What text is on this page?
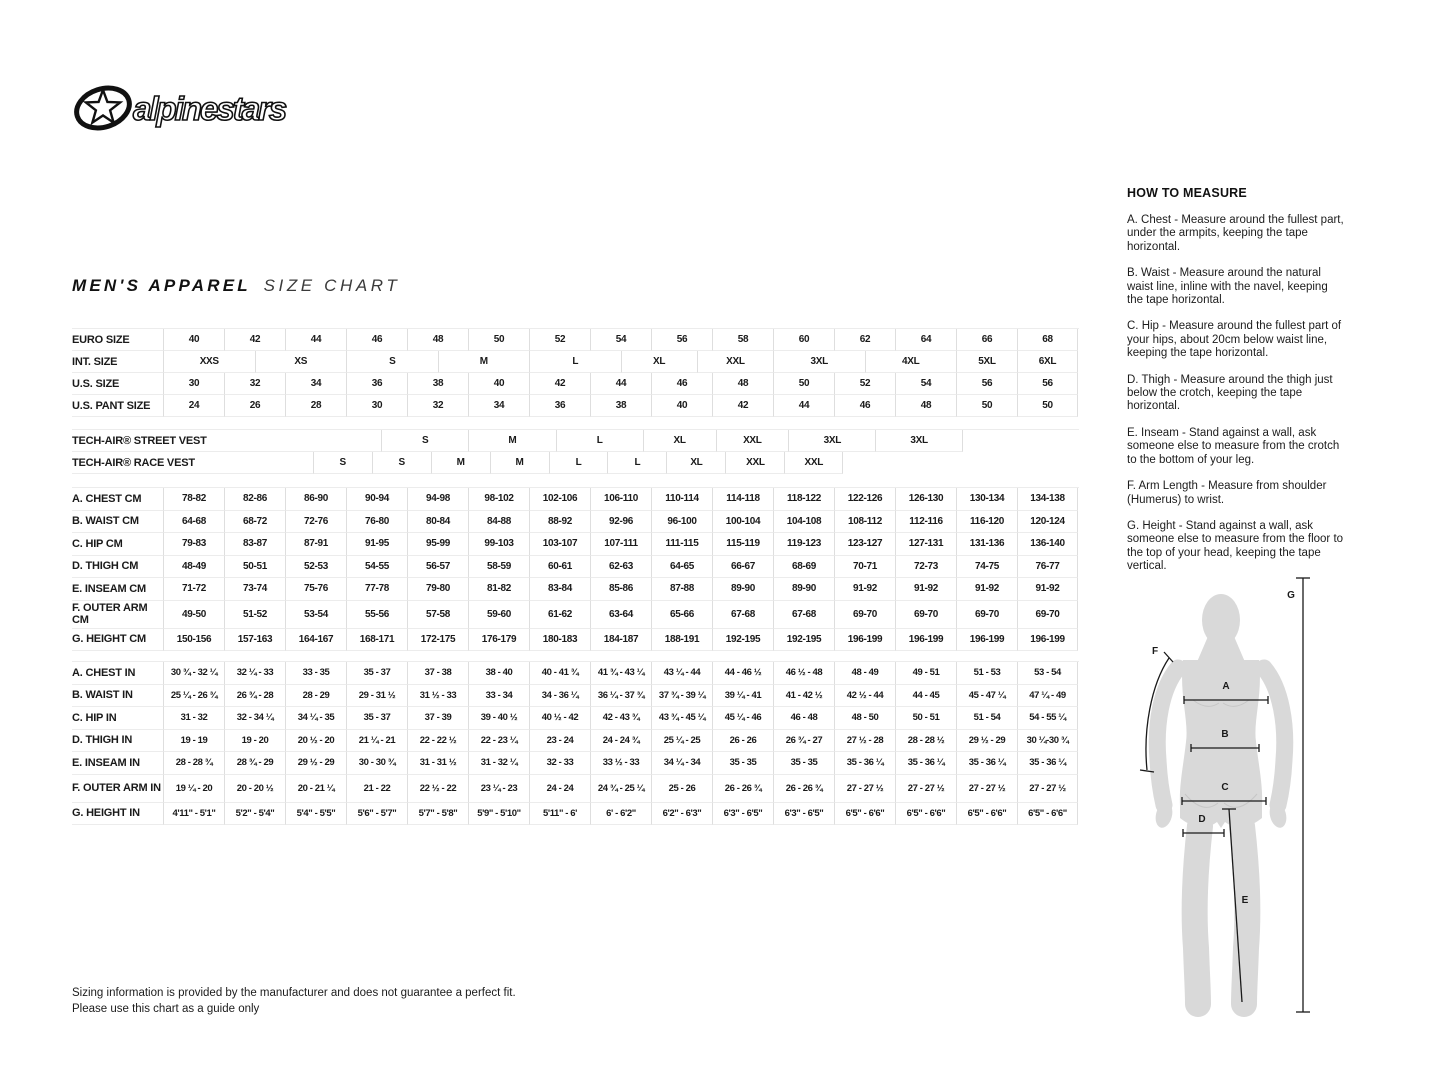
alpinestars
MEN'S APPAREL SIZE CHART
EURO SIZE	40	42	44	46	48	50	52	54	56	58	60	62	64	66	68
INT. SIZE	XXS	XS	S	M	L	XL	XXL	3XL	4XL	5XL	6XL
U.S. SIZE	30	32	34	36	38	40	42	44	46	48	50	52	54	56	56
U.S. PANT SIZE	24	26	28	30	32	34	36	38	40	42	44	46	48	50	50
TECH-AIR® STREET VEST	S	M	L	XL	XXL	3XL	3XL
TECH-AIR® RACE VEST	S	S	M	M	L	L	XL	XXL	XXL
A. CHEST CM	78-82	82-86	86-90	90-94	94-98	98-102	102-106	106-110	110-114	114-118	118-122	122-126	126-130	130-134	134-138
B. WAIST CM	64-68	68-72	72-76	76-80	80-84	84-88	88-92	92-96	96-100	100-104	104-108	108-112	112-116	116-120	120-124
C. HIP CM	79-83	83-87	87-91	91-95	95-99	99-103	103-107	107-111	111-115	115-119	119-123	123-127	127-131	131-136	136-140
D. THIGH CM	48-49	50-51	52-53	54-55	56-57	58-59	60-61	62-63	64-65	66-67	68-69	70-71	72-73	74-75	76-77
E. INSEAM CM	71-72	73-74	75-76	77-78	79-80	81-82	83-84	85-86	87-88	89-90	89-90	91-92	91-92	91-92	91-92
F. OUTER ARM CM	49-50	51-52	53-54	55-56	57-58	59-60	61-62	63-64	65-66	67-68	67-68	69-70	69-70	69-70	69-70
G. HEIGHT CM	150-156	157-163	164-167	168-171	172-175	176-179	180-183	184-187	188-191	192-195	192-195	196-199	196-199	196-199	196-199
A. CHEST IN	30 ¾ - 32 ¼	32 ¼ - 33	33 - 35	35 - 37	37 - 38	38 - 40	40 - 41 ¾	41 ¾ - 43 ¼	43 ¼ - 44	44 - 46 ½	46 ½ - 48	48 - 49	49 - 51	51 - 53	53 - 54
B. WAIST IN	25 ¼ - 26 ¾	26 ¾ - 28	28 - 29	29 - 31 ½	31 ½ - 33	33 - 34	34 - 36 ¼	36 ¼ - 37 ¾	37 ¾ - 39 ¼	39 ¼ - 41	41 - 42 ½	42 ½ - 44	44 - 45	45 - 47 ¼	47 ¼ - 49
C. HIP IN	31 - 32	32 - 34 ¼	34 ¼ - 35	35 - 37	37 - 39	39 - 40 ½	40 ½ - 42	42 - 43 ¾	43 ¾ - 45 ¼	45 ¼ - 46	46 - 48	48 - 50	50 - 51	51 - 54	54 - 55 ¼
D. THIGH IN	19 - 19	19 - 20	20 ½ - 20	21 ¼ - 21	22 - 22 ½	22 - 23 ¼	23 - 24	24 - 24 ¾	25 ¼ - 25	26 - 26	26 ¾ - 27	27 ½ - 28	28 - 28 ½	29 ½ - 29	30 ¼-30 ¾
E. INSEAM IN	28 - 28 ¾	28 ¾ - 29	29 ½ - 29	30 - 30 ¾	31 - 31 ½	31 - 32 ¼	32 - 33	33 ½ - 33	34 ¼ - 34	35 - 35	35 - 35	35 - 36 ¼	35 - 36 ¼	35 - 36 ¼	35 - 36 ¼
F. OUTER ARM IN	19 ¼ - 20	20 - 20 ½	20 - 21 ¼	21 - 22	22 ½ - 22	23 ¼ - 23	24 - 24	24 ¾ - 25 ¼	25 - 26	26 - 26 ¾	26 - 26 ¾	27 - 27 ½	27 - 27 ½	27 - 27 ½	27 - 27 ½
G. HEIGHT IN	4'11" - 5'1"	5'2" - 5'4"	5'4" - 5'5"	5'6" - 5'7"	5'7" - 5'8"	5'9" - 5'10"	5'11" - 6'	6' - 6'2"	6'2" - 6'3"	6'3" - 6'5"	6'3" - 6'5"	6'5" - 6'6"	6'5" - 6'6"	6'5" - 6'6"	6'5" - 6'6"
HOW TO MEASURE

A. Chest - Measure around the fullest part, under the armpits, keeping the tape horizontal.

B. Waist - Measure around the natural waist line, inline with the navel, keeping the tape horizontal.

C. Hip - Measure around the fullest part of your hips, about 20cm below waist line, keeping the tape horizontal.

D. Thigh - Measure around the thigh just below the crotch, keeping the tape horizontal.

E. Inseam - Stand against a wall, ask someone else to measure from the crotch to the bottom of your leg.

F. Arm Length - Measure from shoulder (Humerus) to wrist.

G. Height - Stand against a wall, ask someone else to measure from the floor to the top of your head, keeping the tape vertical.

A
B
C
D
E
F
G
Sizing information is provided by the manufacturer and does not guarantee a perfect fit.
Please use this chart as a guide only
